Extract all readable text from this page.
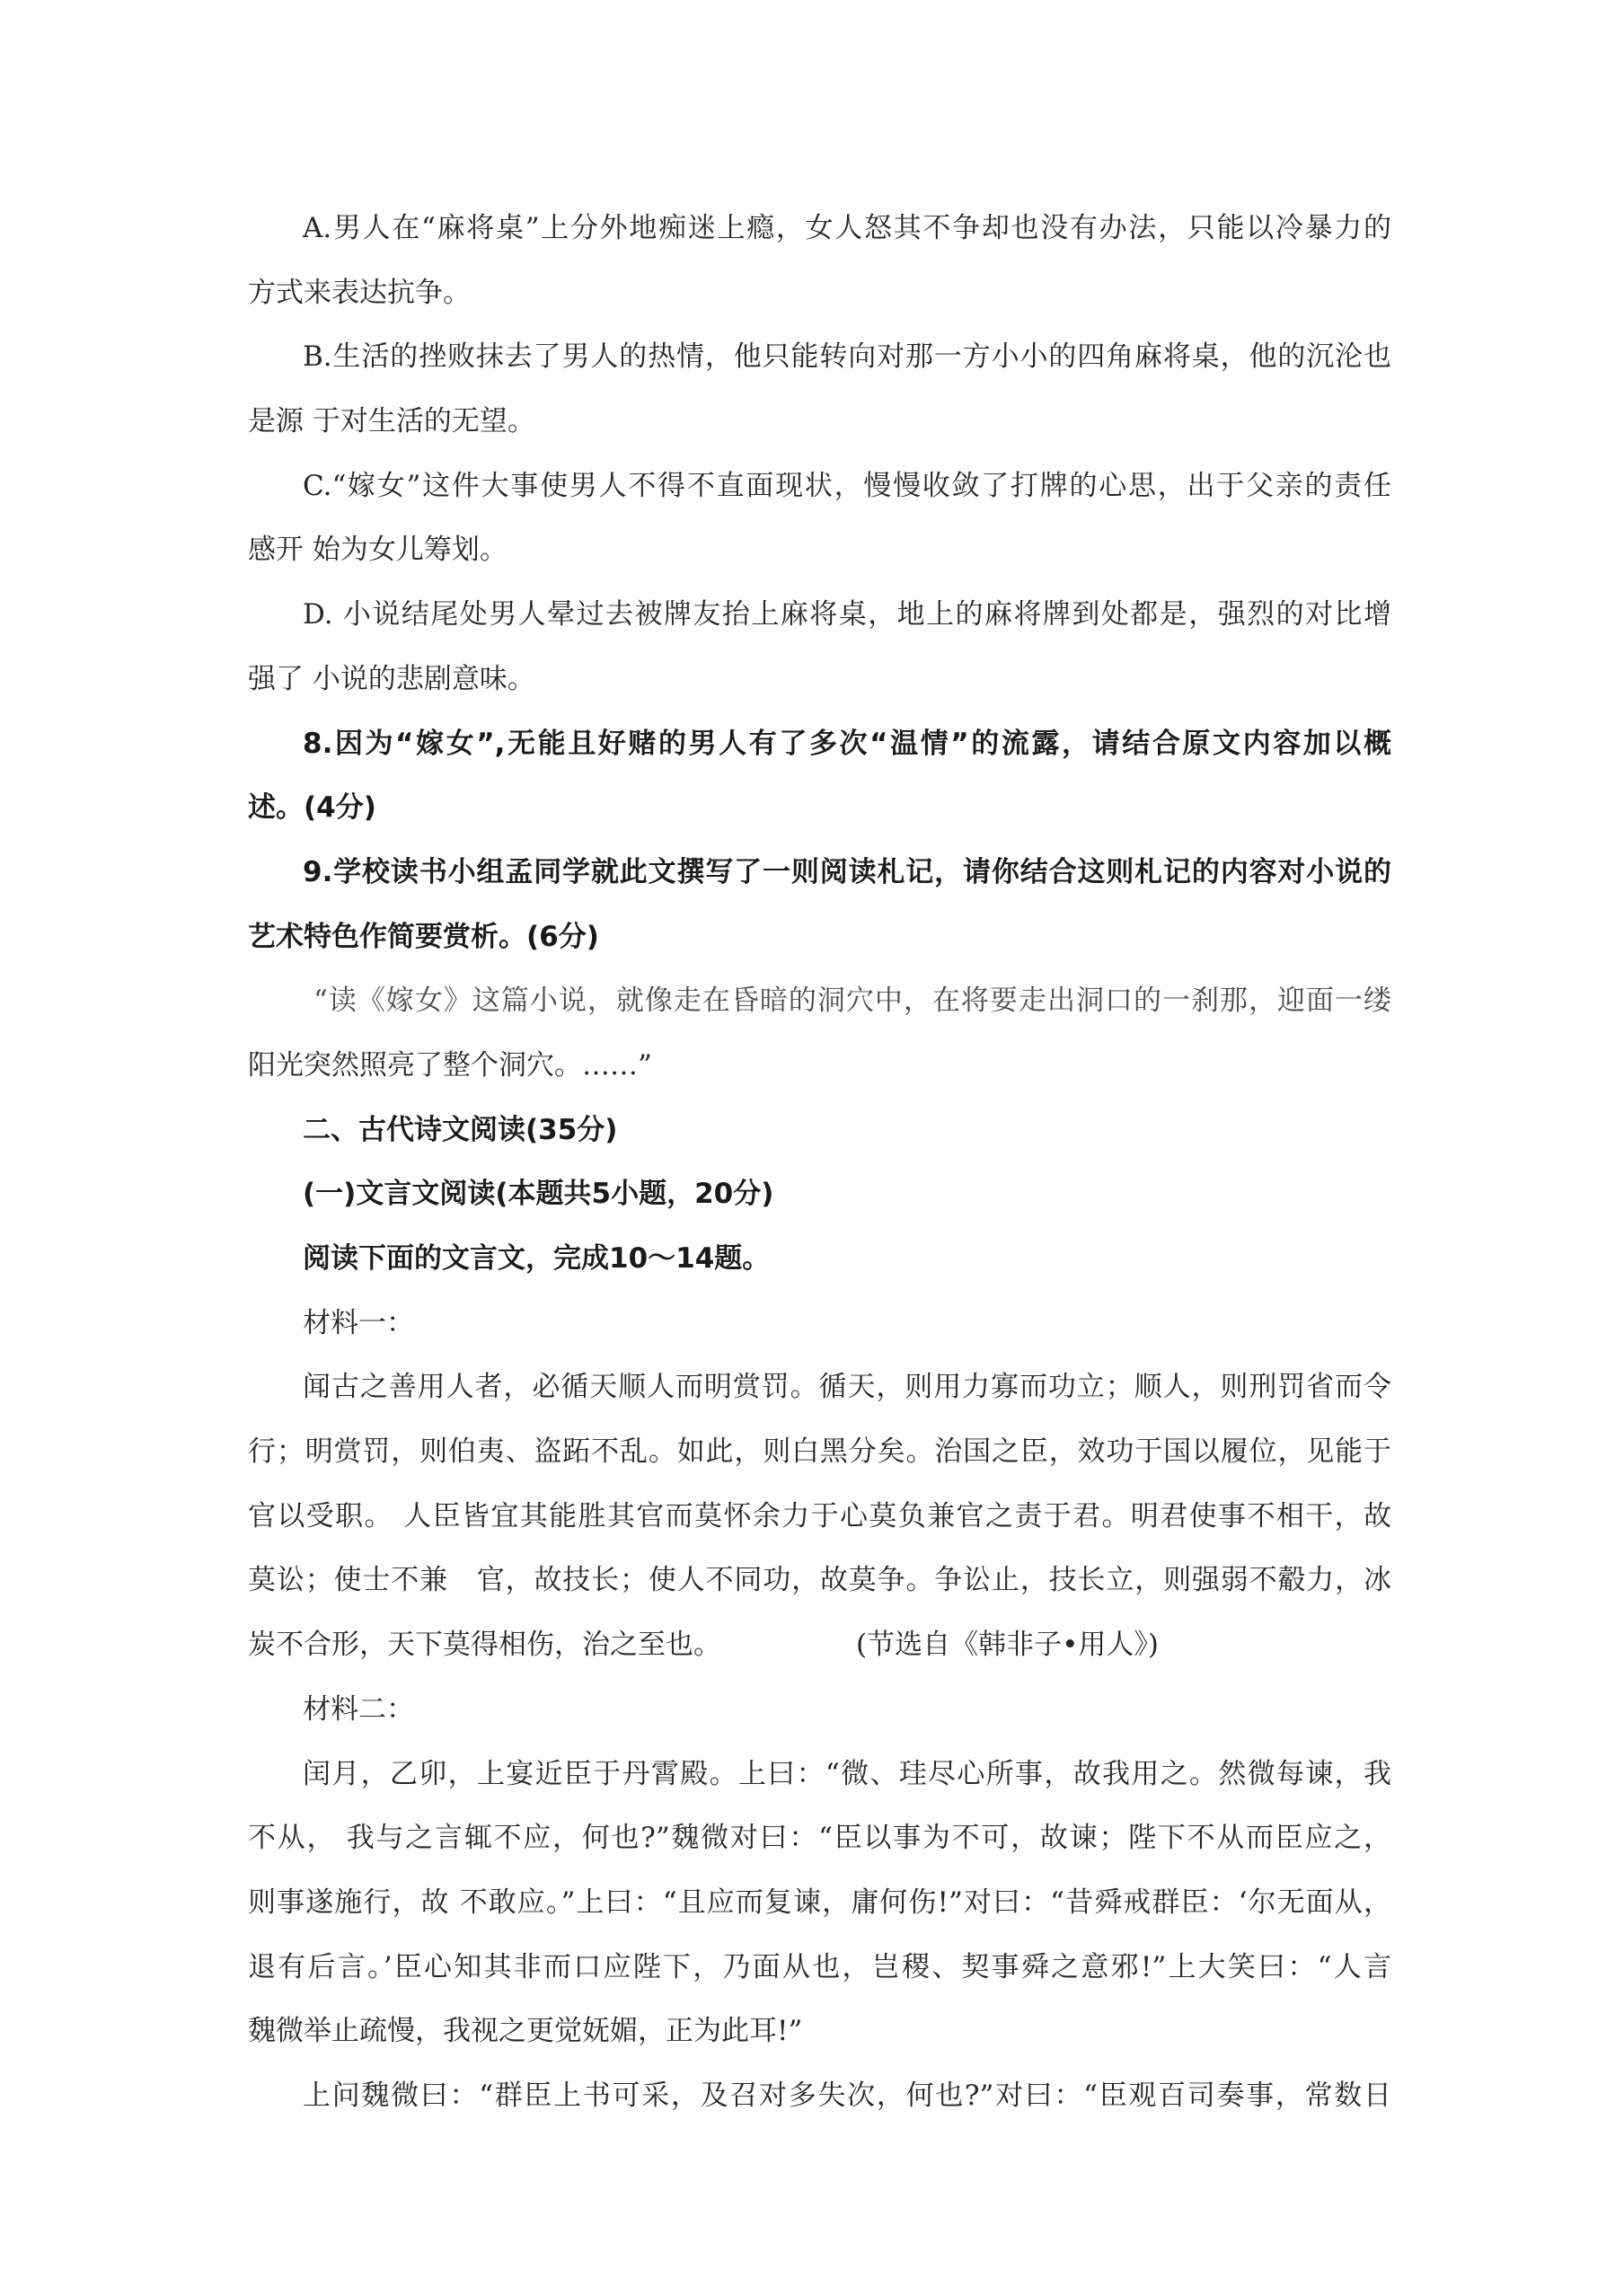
A.男人在“麻将桌”上分外地痴迷上瘾，女人怒其不争却也没有办法，只能以冷暴力的
方式来表达抗争。
B.生活的挫败抹去了男人的热情，他只能转向对那一方小小的四角麻将桌，他的沉沦也
是源 于对生活的无望。
C.“嫁女”这件大事使男人不得不直面现状，慢慢收敛了打牌的心思，出于父亲的责任
感开 始为女儿筹划。
D. 小说结尾处男人晕过去被牌友抬上麻将桌，地上的麻将牌到处都是，强烈的对比增
强了 小说的悲剧意味。
8.因为“嫁女”,无能且好赌的男人有了多次“温情”的流露，请结合原文内容加以概
述。(4分)
9.学校读书小组孟同学就此文撰写了一则阅读札记，请你结合这则札记的内容对小说的
艺术特色作简要赏析。(6分)
“读《嫁女》这篇小说，就像走在昏暗的洞穴中，在将要走出洞口的一刹那，迎面一缕
阳光突然照亮了整个洞穴。……”
二、古代诗文阅读(35分)
(一)文言文阅读(本题共5小题，20分)
阅读下面的文言文，完成10～14题。
材料一：
闻古之善用人者，必循天顺人而明赏罚。循天，则用力寡而功立；顺人，则刑罚省而令
行；明赏罚，则伯夷、盗跖不乱。如此，则白黑分矣。治国之臣，效功于国以履位，见能于
官以受职。 人臣皆宜其能胜其官而莫怀余力于心莫负兼官之责于君。明君使事不相干，故
莫讼；使士不兼　官，故技长；使人不同功，故莫争。争讼止，技长立，则强弱不觳力，冰
炭不合形，天下莫得相伤，治之至也。	(节选自《韩非子•用人》)
材料二：
闰月，乙卯，上宴近臣于丹霄殿。上曰：“微、珪尽心所事，故我用之。然微每谏，我
不从， 我与之言辄不应，何也?”魏微对曰：“臣以事为不可，故谏；陛下不从而臣应之，
则事遂施行，故 不敢应。”上曰：“且应而复谏，庸何伤!”对曰：“昔舜戒群臣：‘尔无面从，
退有后言。’臣心知其非而口应陛下，乃面从也，岂稷、契事舜之意邪!”上大笑曰：“人言
魏微举止疏慢，我视之更觉妩媚，正为此耳!”
上问魏微曰：“群臣上书可采，及召对多失次，何也?”对曰：“臣观百司奏事，常数日
